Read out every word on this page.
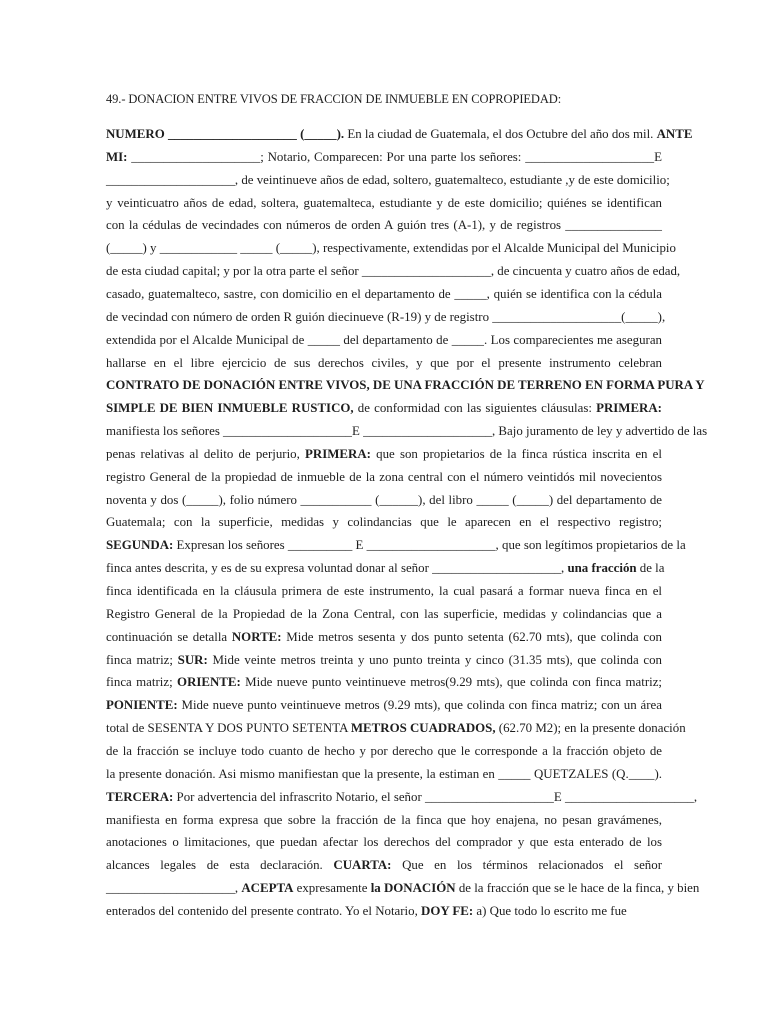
49.- DONACION ENTRE VIVOS DE FRACCION DE INMUEBLE EN COPROPIEDAD:
NUMERO ____________________ (_____). En la ciudad de Guatemala, el dos Octubre del año dos mil. ANTE
MI: ____________________; Notario, Comparecen: Por una parte los señores: ____________________E
____________________, de veintinueve años de edad, soltero, guatemalteco, estudiante ,y de este domicilio;
y veinticuatro años de edad, soltera, guatemalteca, estudiante y de este domicilio; quiénes se identifican
con la cédulas de vecindades con números de orden A guión tres (A-1), y de registros _______________
(_____) y ____________ _____ (_____), respectivamente, extendidas por el Alcalde Municipal del Municipio
de esta ciudad capital; y por la otra parte el señor ____________________, de cincuenta y cuatro años de edad,
casado, guatemalteco, sastre, con domicilio en el departamento de _____, quién se identifica con la cédula
de vecindad con número de orden R guión diecinueve (R-19) y de registro ____________________(_____),
extendida por el Alcalde Municipal de _____ del departamento de _____. Los comparecientes me aseguran
hallarse en el libre ejercicio de sus derechos civiles, y que por el presente instrumento celebran
CONTRATO DE DONACIÓN ENTRE VIVOS, DE UNA FRACCIÓN DE TERRENO EN FORMA PURA Y
SIMPLE DE BIEN INMUEBLE RUSTICO, de conformidad con las siguientes cláusulas: PRIMERA:
manifiesta los señores ____________________E ____________________, Bajo juramento de ley y advertido de las
penas relativas al delito de perjurio, PRIMERA: que son propietarios de la finca rústica inscrita en el
registro General de la propiedad de inmueble de la zona central con el número veintidós mil novecientos
noventa y dos (_____), folio número ___________ (______), del libro _____ (_____) del departamento de
Guatemala; con la superficie, medidas y colindancias que le aparecen en el respectivo registro;
SEGUNDA: Expresan los señores __________ E ____________________, que son legítimos propietarios de la
finca antes descrita, y es de su expresa voluntad donar al señor ____________________, una fracción de la
finca identificada en la cláusula primera de este instrumento, la cual pasará a formar nueva finca en el
Registro General de la Propiedad de la Zona Central, con las superficie, medidas y colindancias que a
continuación se detalla NORTE: Mide metros sesenta y dos punto setenta (62.70 mts), que colinda con
finca matriz; SUR: Mide veinte metros treinta y uno punto treinta y cinco (31.35 mts), que colinda con
finca matriz; ORIENTE: Mide nueve punto veintinueve metros(9.29 mts), que colinda con finca matriz;
PONIENTE: Mide nueve punto veintinueve metros (9.29 mts), que colinda con finca matriz; con un área
total de SESENTA Y DOS PUNTO SETENTA METROS CUADRADOS, (62.70 M2); en la presente donación
de la fracción se incluye todo cuanto de hecho y por derecho que le corresponde a la fracción objeto de
la presente donación. Asi mismo manifiestan que la presente, la estiman en _____ QUETZALES (Q.____).
TERCERA: Por advertencia del infrascrito Notario, el señor ____________________E ____________________,
manifiesta en forma expresa que sobre la fracción de la finca que hoy enajena, no pesan gravámenes,
anotaciones o limitaciones, que puedan afectar los derechos del comprador y que esta enterado de los
alcances legales de esta declaración. CUARTA: Que en los términos relacionados el señor
____________________, ACEPTA expresamente la DONACIÓN de la fracción que se le hace de la finca, y bien
enterados del contenido del presente contrato. Yo el Notario, DOY FE: a) Que todo lo escrito me fue
